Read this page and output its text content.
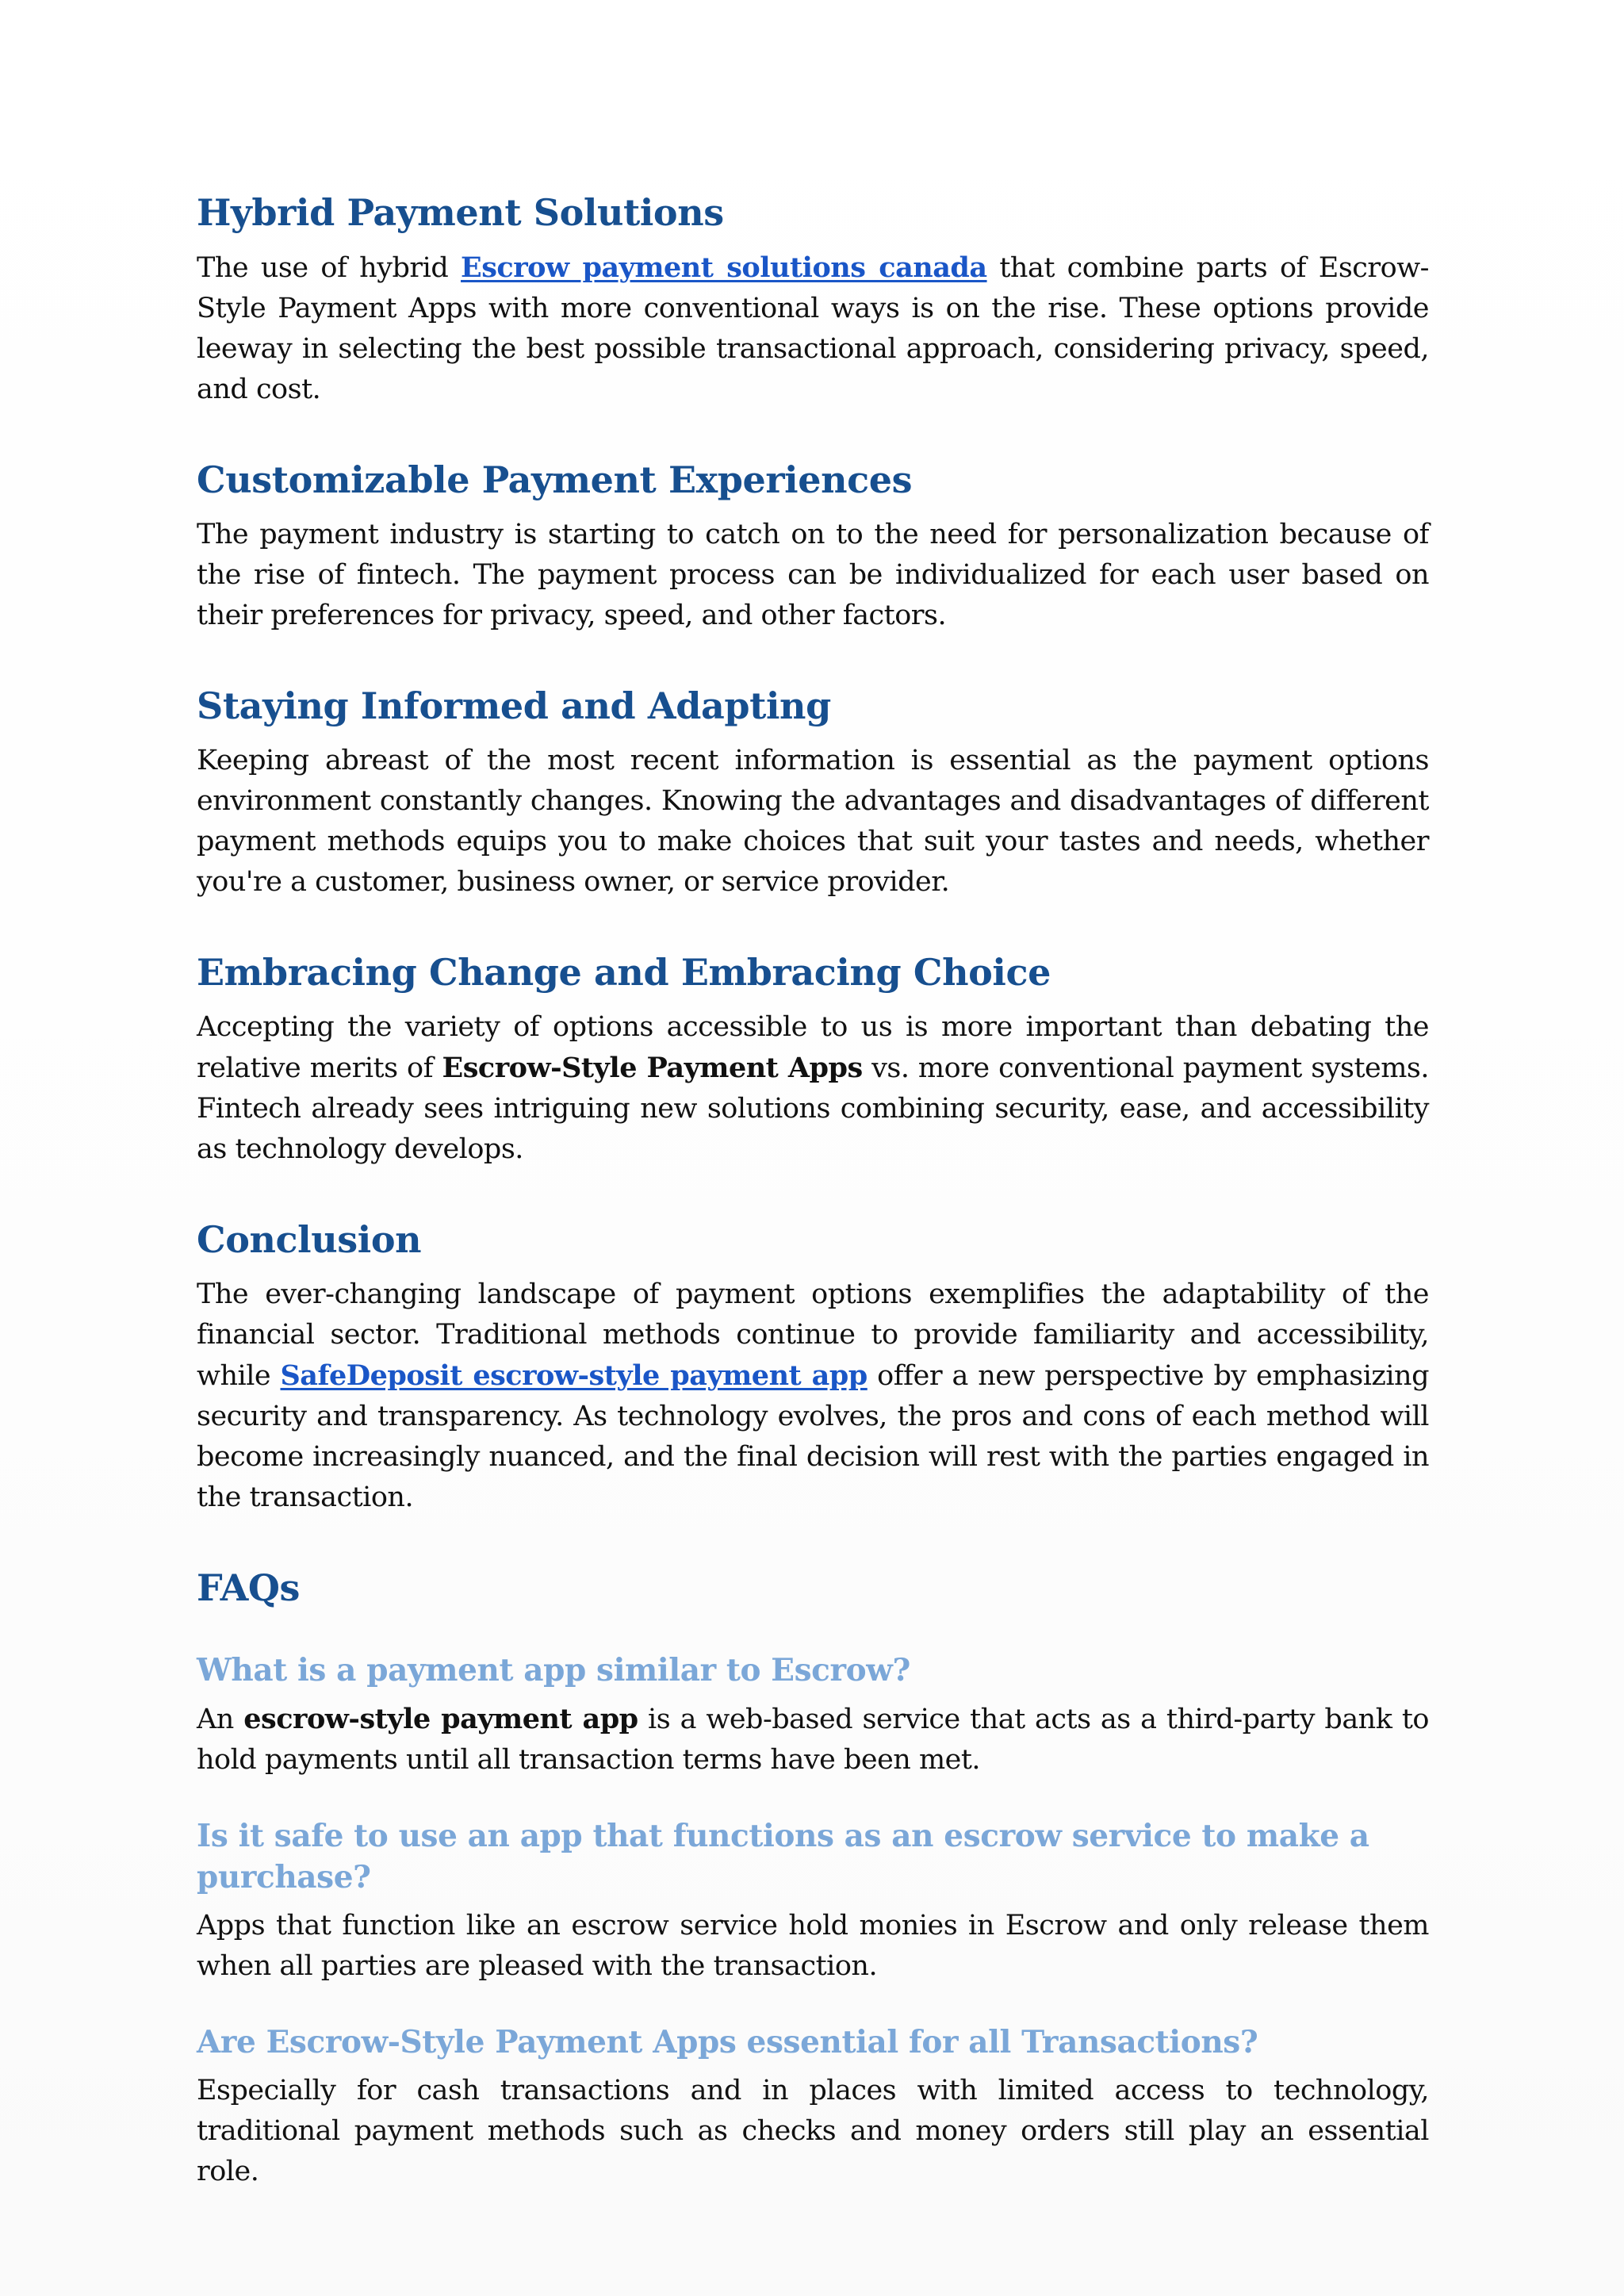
Hybrid Payment Solutions

The use of hybrid Escrow payment solutions canada that combine parts of Escrow-Style Payment Apps with more conventional ways is on the rise. These options provide leeway in selecting the best possible transactional approach, considering privacy, speed, and cost.

Customizable Payment Experiences

The payment industry is starting to catch on to the need for personalization because of the rise of fintech. The payment process can be individualized for each user based on their preferences for privacy, speed, and other factors.

Staying Informed and Adapting

Keeping abreast of the most recent information is essential as the payment options environment constantly changes. Knowing the advantages and disadvantages of different payment methods equips you to make choices that suit your tastes and needs, whether you're a customer, business owner, or service provider.

Embracing Change and Embracing Choice

Accepting the variety of options accessible to us is more important than debating the relative merits of Escrow-Style Payment Apps vs. more conventional payment systems. Fintech already sees intriguing new solutions combining security, ease, and accessibility as technology develops.

Conclusion

The ever-changing landscape of payment options exemplifies the adaptability of the financial sector. Traditional methods continue to provide familiarity and accessibility, while SafeDeposit escrow-style payment app offer a new perspective by emphasizing security and transparency. As technology evolves, the pros and cons of each method will become increasingly nuanced, and the final decision will rest with the parties engaged in the transaction.

FAQs
What is a payment app similar to Escrow?

An escrow-style payment app is a web-based service that acts as a third-party bank to hold payments until all transaction terms have been met.

Is it safe to use an app that functions as an escrow service to make a purchase?

Apps that function like an escrow service hold monies in Escrow and only release them when all parties are pleased with the transaction.

Are Escrow-Style Payment Apps essential for all Transactions?

Especially for cash transactions and in places with limited access to technology, traditional payment methods such as checks and money orders still play an essential role.
